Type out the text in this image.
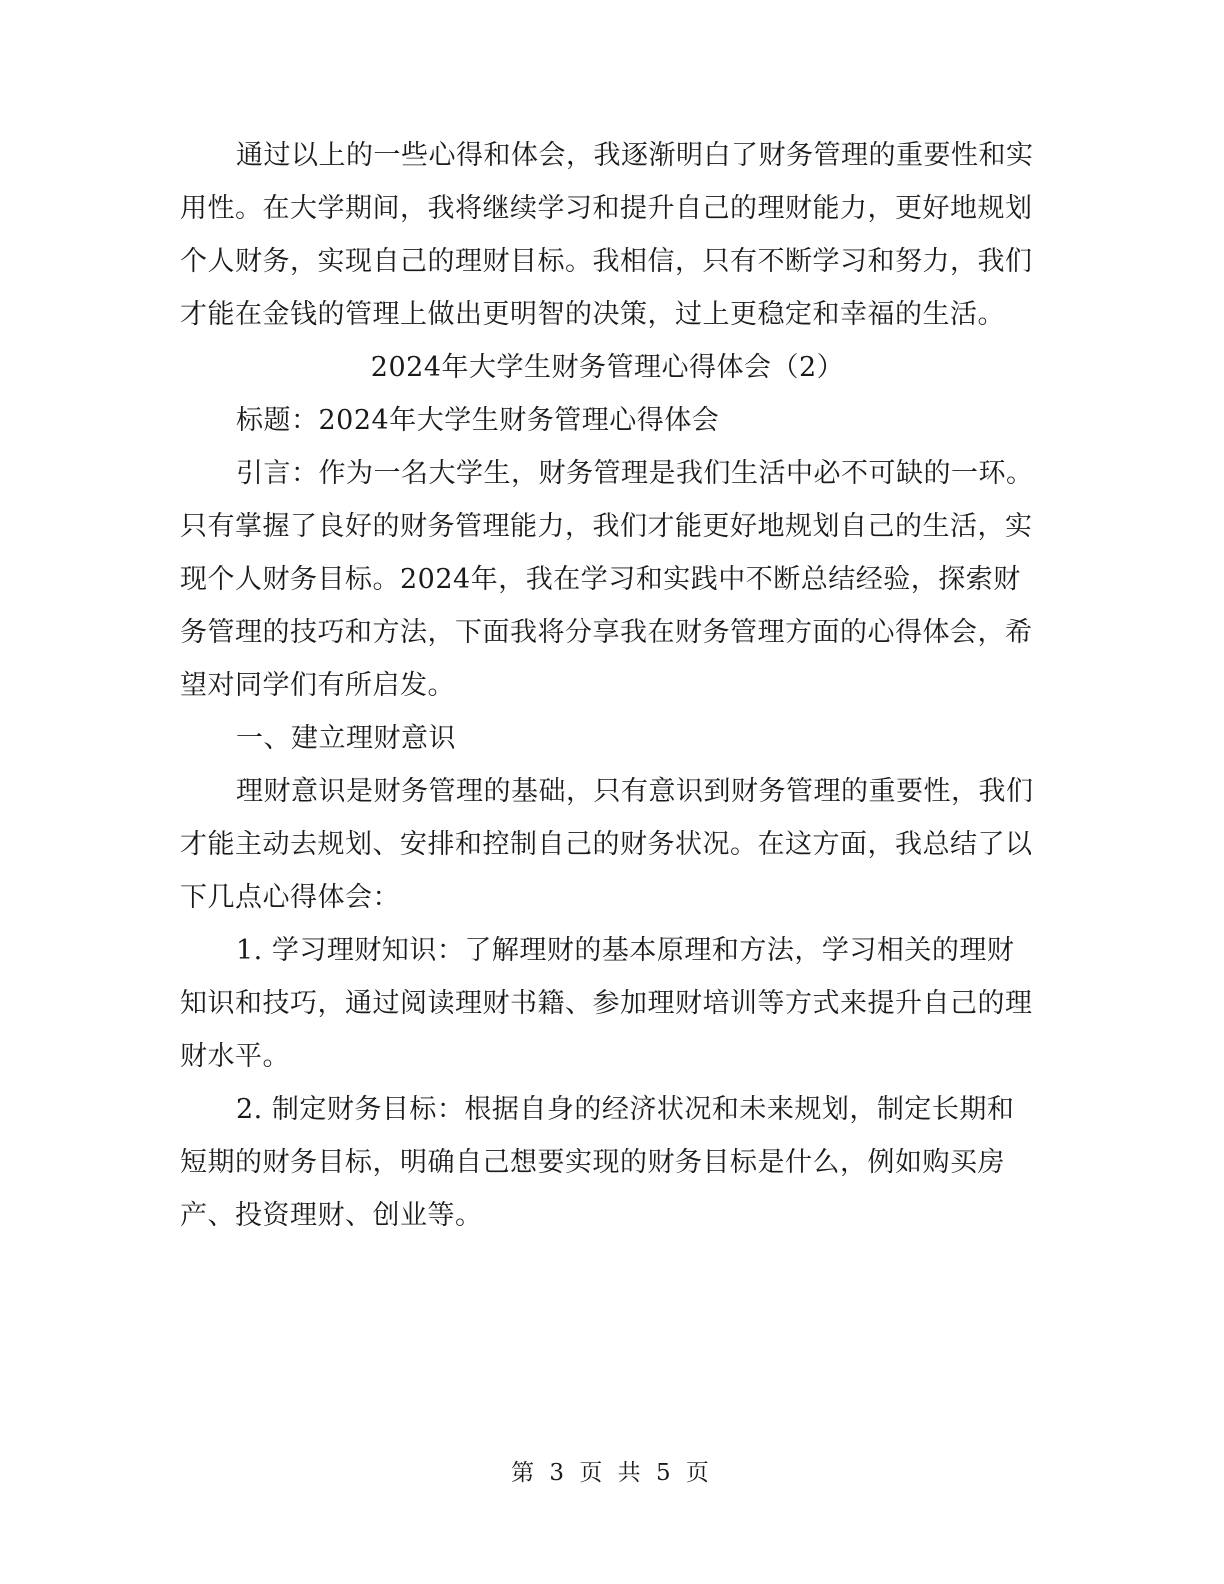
通过以上的一些心得和体会，我逐渐明白了财务管理的重要性和实用性。在大学期间，我将继续学习和提升自己的理财能力，更好地规划个人财务，实现自己的理财目标。我相信，只有不断学习和努力，我们才能在金钱的管理上做出更明智的决策，过上更稳定和幸福的生活。

2024年大学生财务管理心得体会（2）

标题：2024年大学生财务管理心得体会

引言：作为一名大学生，财务管理是我们生活中必不可缺的一环。只有掌握了良好的财务管理能力，我们才能更好地规划自己的生活，实现个人财务目标。2024年，我在学习和实践中不断总结经验，探索财务管理的技巧和方法，下面我将分享我在财务管理方面的心得体会，希望对同学们有所启发。

一、建立理财意识

理财意识是财务管理的基础，只有意识到财务管理的重要性，我们才能主动去规划、安排和控制自己的财务状况。在这方面，我总结了以下几点心得体会：

1. 学习理财知识：了解理财的基本原理和方法，学习相关的理财知识和技巧，通过阅读理财书籍、参加理财培训等方式来提升自己的理财水平。

2. 制定财务目标：根据自身的经济状况和未来规划，制定长期和短期的财务目标，明确自己想要实现的财务目标是什么，例如购买房产、投资理财、创业等。

第 3 页 共 5 页
